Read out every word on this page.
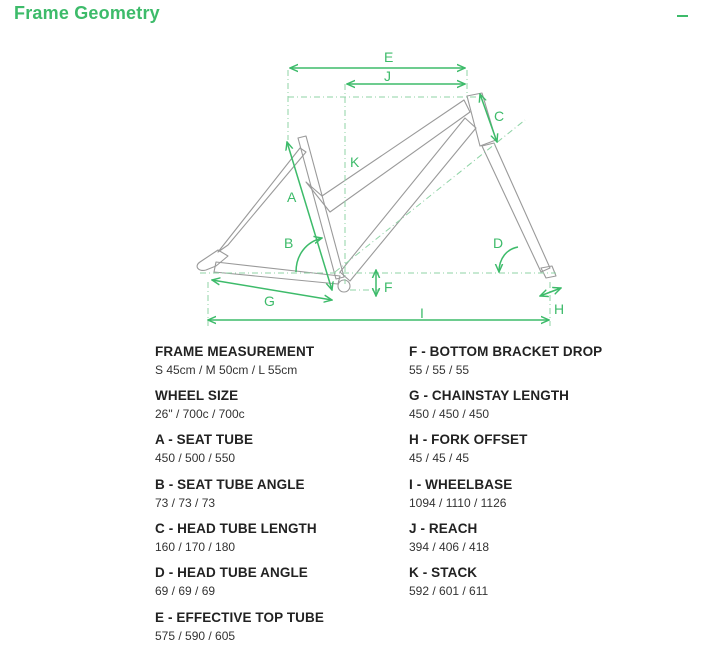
Frame Geometry
E
J
C
K
A
B	D
F
G	H
I
FRAME MEASUREMENT
S 45cm / M 50cm / L 55cm
WHEEL SIZE
26" / 700c / 700c
A - SEAT TUBE
450 / 500 / 550
B - SEAT TUBE ANGLE
73 / 73 / 73
C - HEAD TUBE LENGTH
160 / 170 / 180
D - HEAD TUBE ANGLE
69 / 69 / 69
E - EFFECTIVE TOP TUBE
575 / 590 / 605
F - BOTTOM BRACKET DROP
55 / 55 / 55
G - CHAINSTAY LENGTH
450 / 450 / 450
H - FORK OFFSET
45 / 45 / 45
I - WHEELBASE
1094 / 1110 / 1126
J - REACH
394 / 406 / 418
K - STACK
592 / 601 / 611
